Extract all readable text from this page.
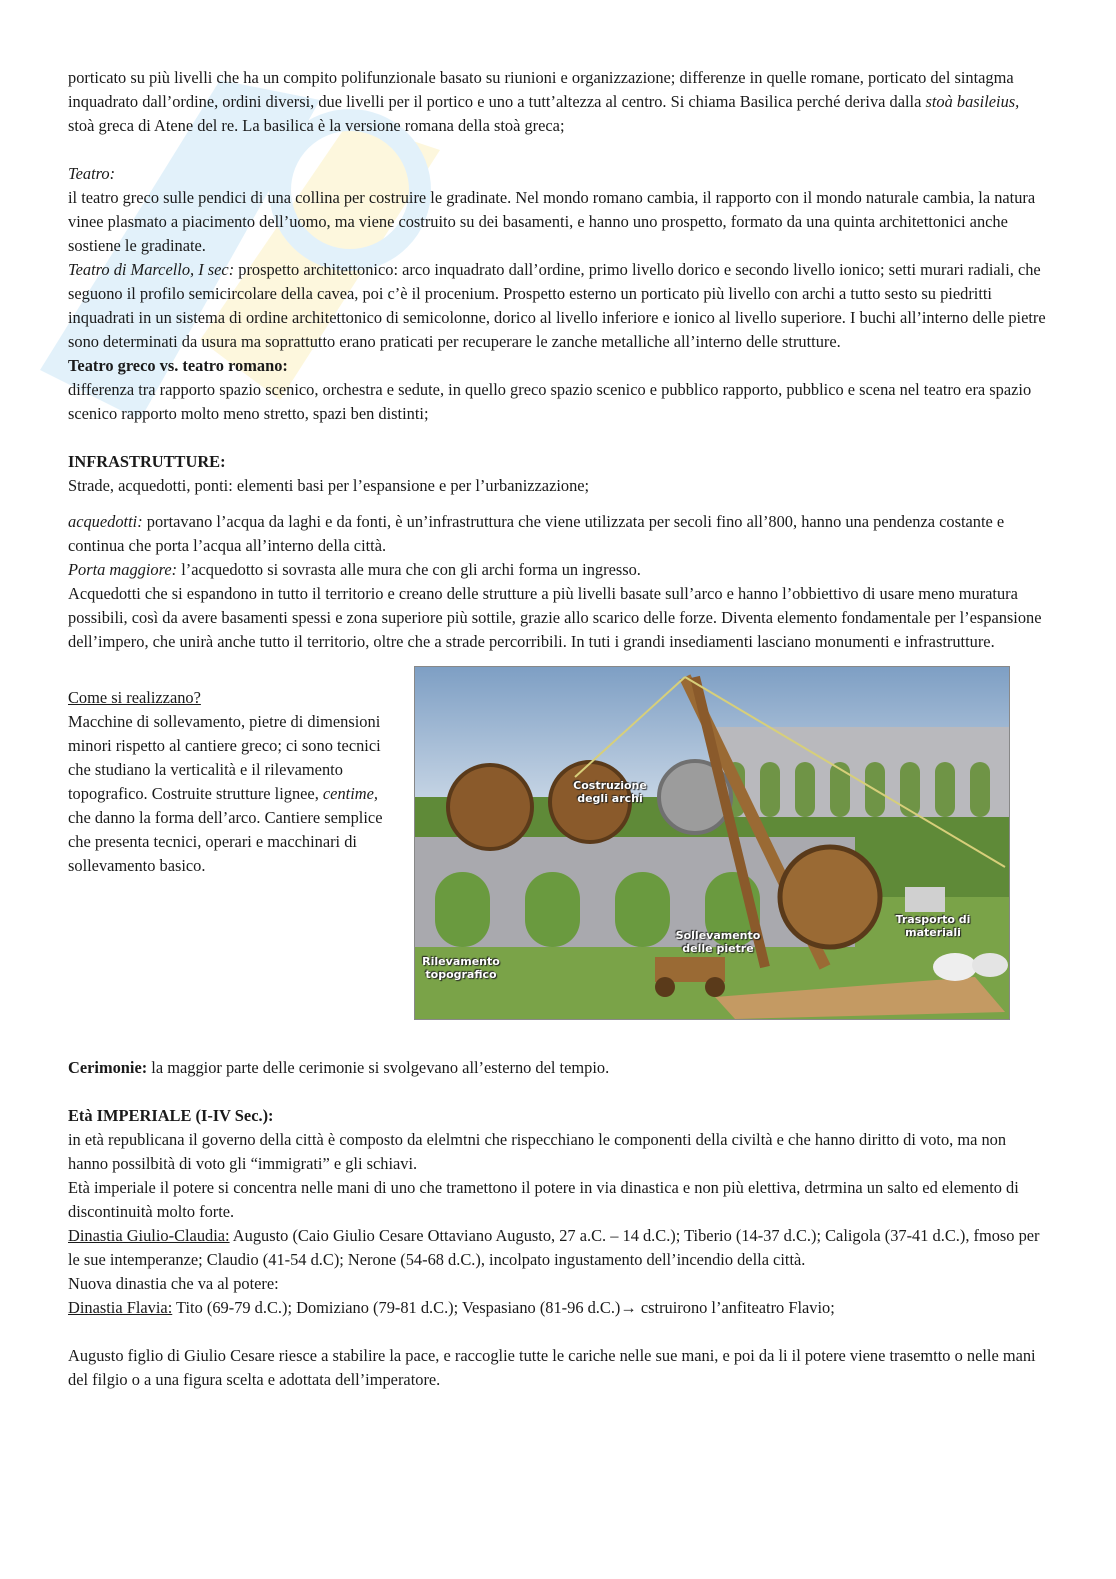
porticato su più livelli che ha un compito polifunzionale basato su riunioni e organizzazione; differenze in quelle romane, porticato del sintagma inquadrato dall’ordine, ordini diversi, due livelli per il portico e uno a tutt’altezza al centro. Si chiama Basilica perché deriva dalla stoà basileius, stoà greca di Atene del re. La basilica è la versione romana della stoà greca;

Teatro:

il teatro greco sulle pendici di una collina per costruire le gradinate. Nel mondo romano cambia, il rapporto con il mondo naturale cambia, la natura vinee plasmato a piacimento dell’uomo, ma viene costruito su dei basamenti, e hanno uno prospetto, formato da una quinta architettonici anche sostiene le gradinate.

Teatro di Marcello, I sec: prospetto architettonico: arco inquadrato dall’ordine, primo livello dorico e secondo livello ionico; setti murari radiali, che seguono il profilo semicircolare della cavea, poi c’è il procenium. Prospetto esterno un porticato più livello con archi a tutto sesto su piedritti inquadrati in un sistema di ordine architettonico di semicolonne, dorico al livello inferiore e ionico al livello superiore. I buchi all’interno delle pietre sono determinati da usura ma soprattutto erano praticati per recuperare le zanche metalliche all’interno delle strutture.

Teatro greco vs. teatro romano:

differenza tra rapporto spazio scenico, orchestra e sedute, in quello greco spazio scenico e pubblico rapporto, pubblico e scena nel teatro era spazio scenico rapporto molto meno stretto, spazi ben distinti;

INFRASTRUTTURE:

Strade, acquedotti, ponti: elementi basi per l’espansione e per l’urbanizzazione;

acquedotti: portavano l’acqua da laghi e da fonti, è un’infrastruttura che viene utilizzata per secoli fino all’800, hanno una pendenza costante e continua che porta l’acqua all’interno della città.

Porta maggiore: l’acquedotto si sovrasta alle mura che con gli archi forma un ingresso.

Acquedotti che si espandono in tutto il territorio e creano delle strutture a più livelli basate sull’arco e hanno l’obbiettivo di usare meno muratura possibili, così da avere basamenti spessi e zona superiore più sottile, grazie allo scarico delle forze. Diventa elemento fondamentale per l’espansione dell’impero, che unirà anche tutto il territorio, oltre che a strade percorribili. In tuti i grandi insediamenti lasciano monumenti e infrastrutture.

Come si realizzano?

Macchine di sollevamento, pietre di dimensioni minori rispetto al cantiere greco; ci sono tecnici che studiano la verticalità e il rilevamento topografico. Costruite strutture lignee, centime, che danno la forma dell’arco. Cantiere semplice che presenta tecnici, operari e macchinari di sollevamento basico.

Costruzione degli archi
Sollevamento delle pietre
Trasporto di materiali
Rilevamento topografico

Cerimonie: la maggior parte delle cerimonie si svolgevano all’esterno del tempio.

Età IMPERIALE (I-IV Sec.):

in età republicana il governo della città è composto da elelmtni che rispecchiano le componenti della civiltà e che hanno diritto di voto, ma non hanno possilbità di voto gli “immigrati” e gli schiavi.

Età imperiale il potere si concentra nelle mani di uno che tramettono il potere in via dinastica e non più elettiva, detrmina un salto ed elemento di discontinuità molto forte.

Dinastia Giulio-Claudia: Augusto (Caio Giulio Cesare Ottaviano Augusto, 27 a.C. – 14 d.C.); Tiberio (14-37 d.C.); Caligola (37-41 d.C.), fmoso per le sue intemperanze; Claudio (41-54 d.C); Nerone (54-68 d.C.), incolpato ingustamento dell’incendio della città.

Nuova dinastia che va al potere:

Dinastia Flavia: Tito (69-79 d.C.); Domiziano (79-81 d.C.); Vespasiano (81-96 d.C.)→ cstruirono l’anfiteatro Flavio;

Augusto figlio di Giulio Cesare riesce a stabilire la pace, e raccoglie tutte le cariche nelle sue mani, e poi da li il potere viene trasemtto o nelle mani del filgio o a una figura scelta e adottata dell’imperatore.
